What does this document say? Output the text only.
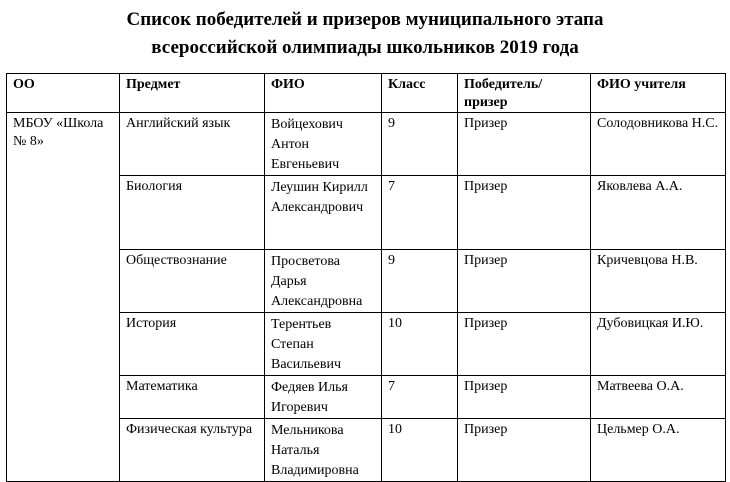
Список победителей и призеров муниципального этапа
всероссийской олимпиады школьников 2019 года
ОО	Предмет	ФИО	Класс	Победитель/ призер	ФИО учителя
МБОУ «Школа № 8»	Английский язык	Войцехович Антон Евгеньевич	9	Призер	Солодовникова Н.С.
	Биология	Леушин Кирилл Александрович	7	Призер	Яковлева А.А.
	Обществознание	Просветова Дарья Александровна	9	Призер	Кричевцова Н.В.
	История	Терентьев Степан Васильевич	10	Призер	Дубовицкая И.Ю.
	Математика	Федяев Илья Игоревич	7	Призер	Матвеева О.А.
	Физическая культура	Мельникова Наталья Владимировна	10	Призер	Цельмер О.А.
